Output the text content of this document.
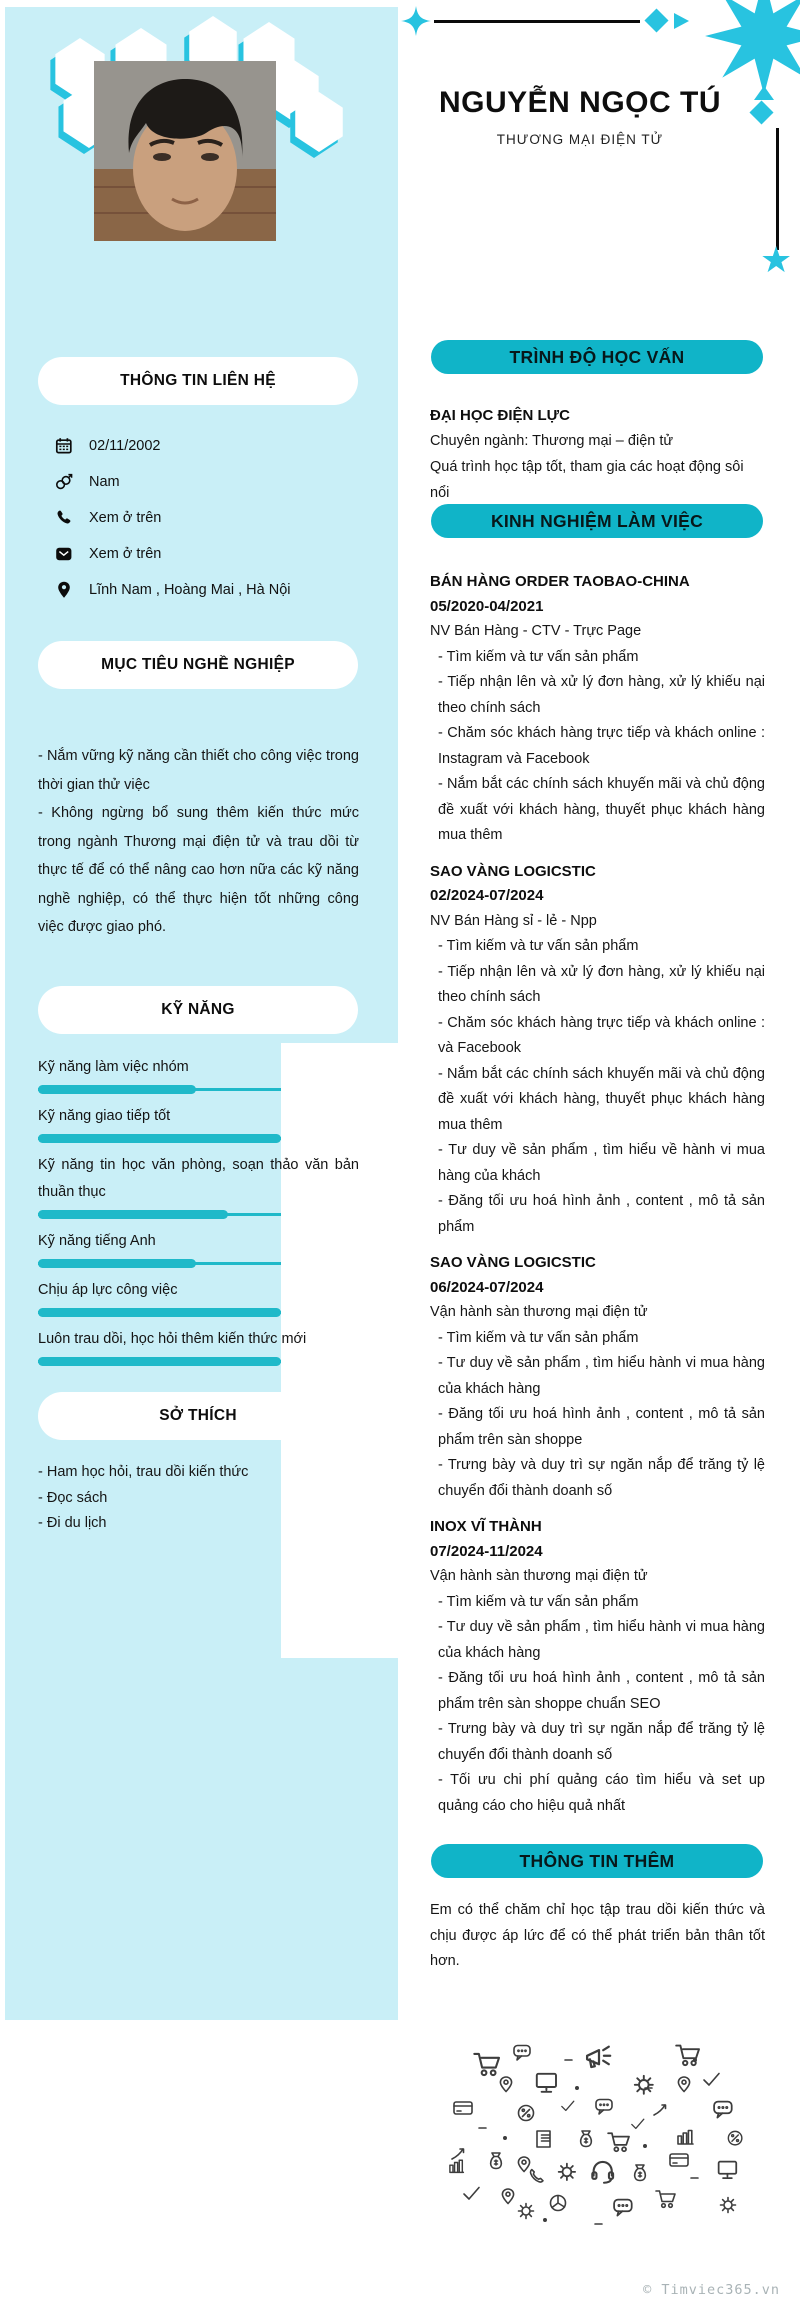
★
NGUYỄN NGỌC TÚ
THƯƠNG MẠI ĐIỆN TỬ
THÔNG TIN LIÊN HỆ
MỤC TIÊU NGHỀ NGHIỆP
KỸ NĂNG
SỞ THÍCH
02/11/2002
Nam
Xem ở trên
Xem ở trên
Lĩnh Nam , Hoàng Mai , Hà Nội

- Nắm vững kỹ năng cần thiết cho công việc trong thời gian thử việc

- Không ngừng bổ sung thêm kiến thức mức trong ngành Thương mại điện tử và trau dồi từ thực tế để có thể nâng cao hơn nữa các kỹ năng nghề nghiệp, có thể thực hiện tốt những công việc được giao phó.

Kỹ năng làm việc nhóm
Kỹ năng giao tiếp tốt
Kỹ năng tin học văn phòng, soạn thảo văn bản thuần thục
Kỹ năng tiếng Anh
Chịu áp lực công việc
Luôn trau dồi, học hỏi thêm kiến thức mới
- Ham học hỏi, trau dồi kiến thức
- Đọc sách
- Đi du lịch
TRÌNH ĐỘ HỌC VẤN
KINH NGHIỆM LÀM VIỆC
THÔNG TIN THÊM
ĐẠI HỌC ĐIỆN LỰC
Chuyên ngành: Thương mại – điện tử
Quá trình học tập tốt, tham gia các hoạt động sôi nổi
BÁN HÀNG ORDER TAOBAO-CHINA
05/2020-04/2021
NV Bán Hàng - CTV - Trực Page

- Tìm kiếm và tư vấn sản phẩm

- Tiếp nhận lên và xử lý đơn hàng, xử lý khiếu nại theo chính sách

- Chăm sóc khách hàng trực tiếp và khách online : Instagram và Facebook

- Nắm bắt các chính sách khuyến mãi và chủ động đề xuất với khách hàng, thuyết phục khách hàng mua thêm

SAO VÀNG LOGICSTIC
02/2024-07/2024
NV Bán Hàng sỉ - lẻ - Npp

- Tìm kiếm và tư vấn sản phẩm

- Tiếp nhận lên và xử lý đơn hàng, xử lý khiếu nại theo chính sách

- Chăm sóc khách hàng trực tiếp và khách online : và Facebook

- Nắm bắt các chính sách khuyến mãi và chủ động đề xuất với khách hàng, thuyết phục khách hàng mua thêm

- Tư duy về sản phẩm , tìm hiểu về hành vi mua hàng của khách

- Đăng tối ưu hoá hình ảnh , content , mô tả sản phẩm

SAO VÀNG LOGICSTIC
06/2024-07/2024
Vận hành sàn thương mại điện tử

- Tìm kiếm và tư vấn sản phẩm

- Tư duy về sản phẩm , tìm hiểu hành vi mua hàng của khách hàng

- Đăng tối ưu hoá hình ảnh , content , mô tả sản phẩm trên sàn shoppe

- Trưng bày và duy trì sự ngăn nắp để trăng tỷ lệ chuyển đổi thành doanh số

INOX VĨ THÀNH
07/2024-11/2024
Vận hành sàn thương mại điện tử

- Tìm kiếm và tư vấn sản phẩm

- Tư duy về sản phẩm , tìm hiểu hành vi mua hàng của khách hàng

- Đăng tối ưu hoá hình ảnh , content , mô tả sản phẩm trên sàn shoppe chuẩn SEO

- Trưng bày và duy trì sự ngăn nắp để trăng tỷ lệ chuyển đổi thành doanh số

- Tối ưu chi phí quảng cáo tìm hiểu và set up quảng cáo cho hiệu quả nhất

Em có thể chăm chỉ học tập trau dồi kiến thức và chịu được áp lức để có thể phát triển bản thân tốt hơn.
© Timviec365.vn
